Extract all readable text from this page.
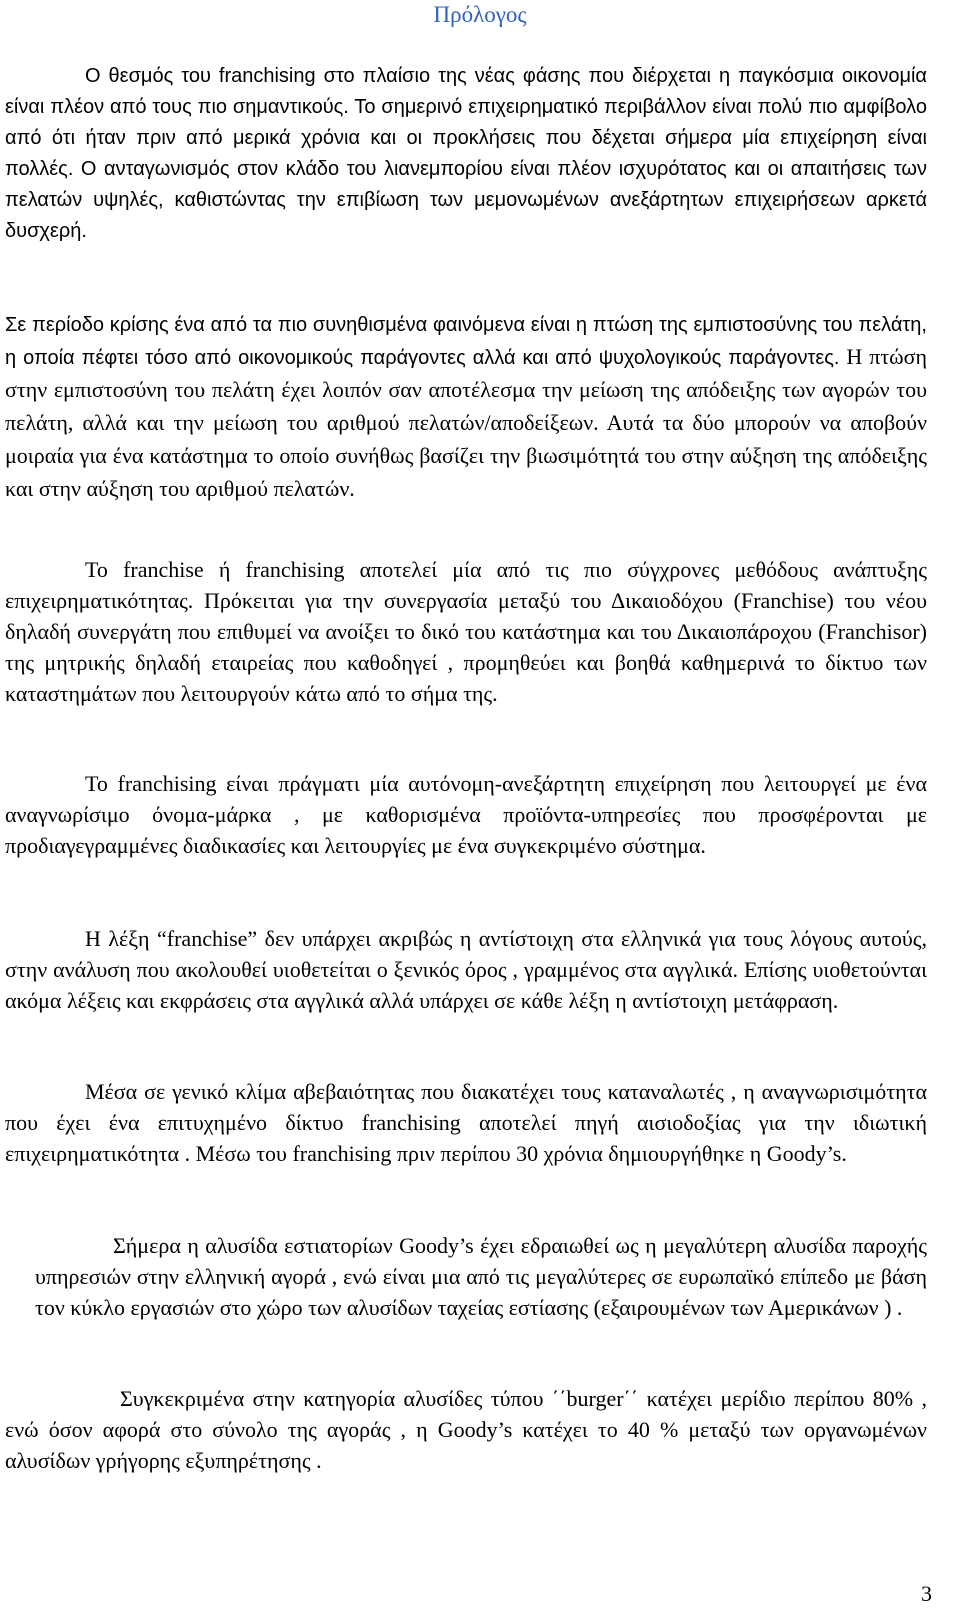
Πρόλογος

Ο θεσμός του franchising στο πλαίσιο της νέας φάσης που διέρχεται η παγκόσμια οικονομία είναι πλέον από τους πιο σημαντικούς. Το σημερινό επιχειρηματικό περιβάλλον είναι πολύ πιο αμφίβολο από ότι ήταν πριν από μερικά χρόνια και οι προκλήσεις που δέχεται σήμερα μία επιχείρηση είναι πολλές. Ο ανταγωνισμός στον κλάδο του λιανεμπορίου είναι πλέον ισχυρότατος και οι απαιτήσεις των πελατών υψηλές, καθιστώντας την επιβίωση των μεμονωμένων ανεξάρτητων επιχειρήσεων αρκετά δυσχερή.

Σε περίοδο κρίσης ένα από τα πιο συνηθισμένα φαινόμενα είναι η πτώση της εμπιστοσύνης του πελάτη, η οποία πέφτει τόσο από οικονομικούς παράγοντες αλλά και από ψυχολογικούς παράγοντες. Η πτώση στην εμπιστοσύνη του πελάτη έχει λοιπόν σαν αποτέλεσμα την μείωση της απόδειξης των αγορών του πελάτη, αλλά και την μείωση του αριθμού πελατών/αποδείξεων. Αυτά τα δύο μπορούν να αποβούν μοιραία για ένα κατάστημα το οποίο συνήθως βασίζει την βιωσιμότητά του στην αύξηση της απόδειξης και στην αύξηση του αριθμού πελατών.

Το franchise ή franchising αποτελεί μία από τις πιο σύγχρονες μεθόδους ανάπτυξης επιχειρηματικότητας. Πρόκειται για την συνεργασία μεταξύ του Δικαιοδόχου (Franchise) του νέου δηλαδή συνεργάτη που επιθυμεί να ανοίξει το δικό του κατάστημα και του Δικαιοπάροχου (Franchisor) της μητρικής δηλαδή εταιρείας που καθοδηγεί , προμηθεύει και βοηθά καθημερινά το δίκτυο των καταστημάτων που λειτουργούν κάτω από το σήμα της.

Το franchising είναι πράγματι μία αυτόνομη-ανεξάρτητη επιχείρηση που λειτουργεί με ένα αναγνωρίσιμο όνομα-μάρκα , με καθορισμένα προϊόντα-υπηρεσίες που προσφέρονται με προδιαγεγραμμένες διαδικασίες και λειτουργίες με ένα συγκεκριμένο σύστημα.

Η λέξη “franchise” δεν υπάρχει ακριβώς η αντίστοιχη στα ελληνικά για τους λόγους αυτούς, στην ανάλυση που ακολουθεί υιοθετείται ο ξενικός όρος , γραμμένος στα αγγλικά. Επίσης υιοθετούνται ακόμα λέξεις και εκφράσεις στα αγγλικά αλλά υπάρχει σε κάθε λέξη η αντίστοιχη μετάφραση.

Μέσα σε γενικό κλίμα αβεβαιότητας που διακατέχει τους καταναλωτές , η αναγνωρισιμότητα που έχει ένα επιτυχημένο δίκτυο franchising αποτελεί πηγή αισιοδοξίας για την ιδιωτική επιχειρηματικότητα . Μέσω του franchising πριν περίπου 30 χρόνια δημιουργήθηκε η Goody’s.

Σήμερα η αλυσίδα εστιατορίων Goody’s έχει εδραιωθεί ως η μεγαλύτερη αλυσίδα παροχής υπηρεσιών στην ελληνική αγορά , ενώ είναι μια από τις μεγαλύτερες σε ευρωπαϊκό επίπεδο με βάση τον κύκλο εργασιών στο χώρο των αλυσίδων ταχείας εστίασης (εξαιρουμένων των Αμερικάνων ) .

Συγκεκριμένα στην κατηγορία αλυσίδες τύπου ΄΄burger΄΄ κατέχει μερίδιο περίπου 80% , ενώ όσον αφορά στο σύνολο της αγοράς , η Goody’s κατέχει το 40 % μεταξύ των οργανωμένων αλυσίδων γρήγορης εξυπηρέτησης .

3
